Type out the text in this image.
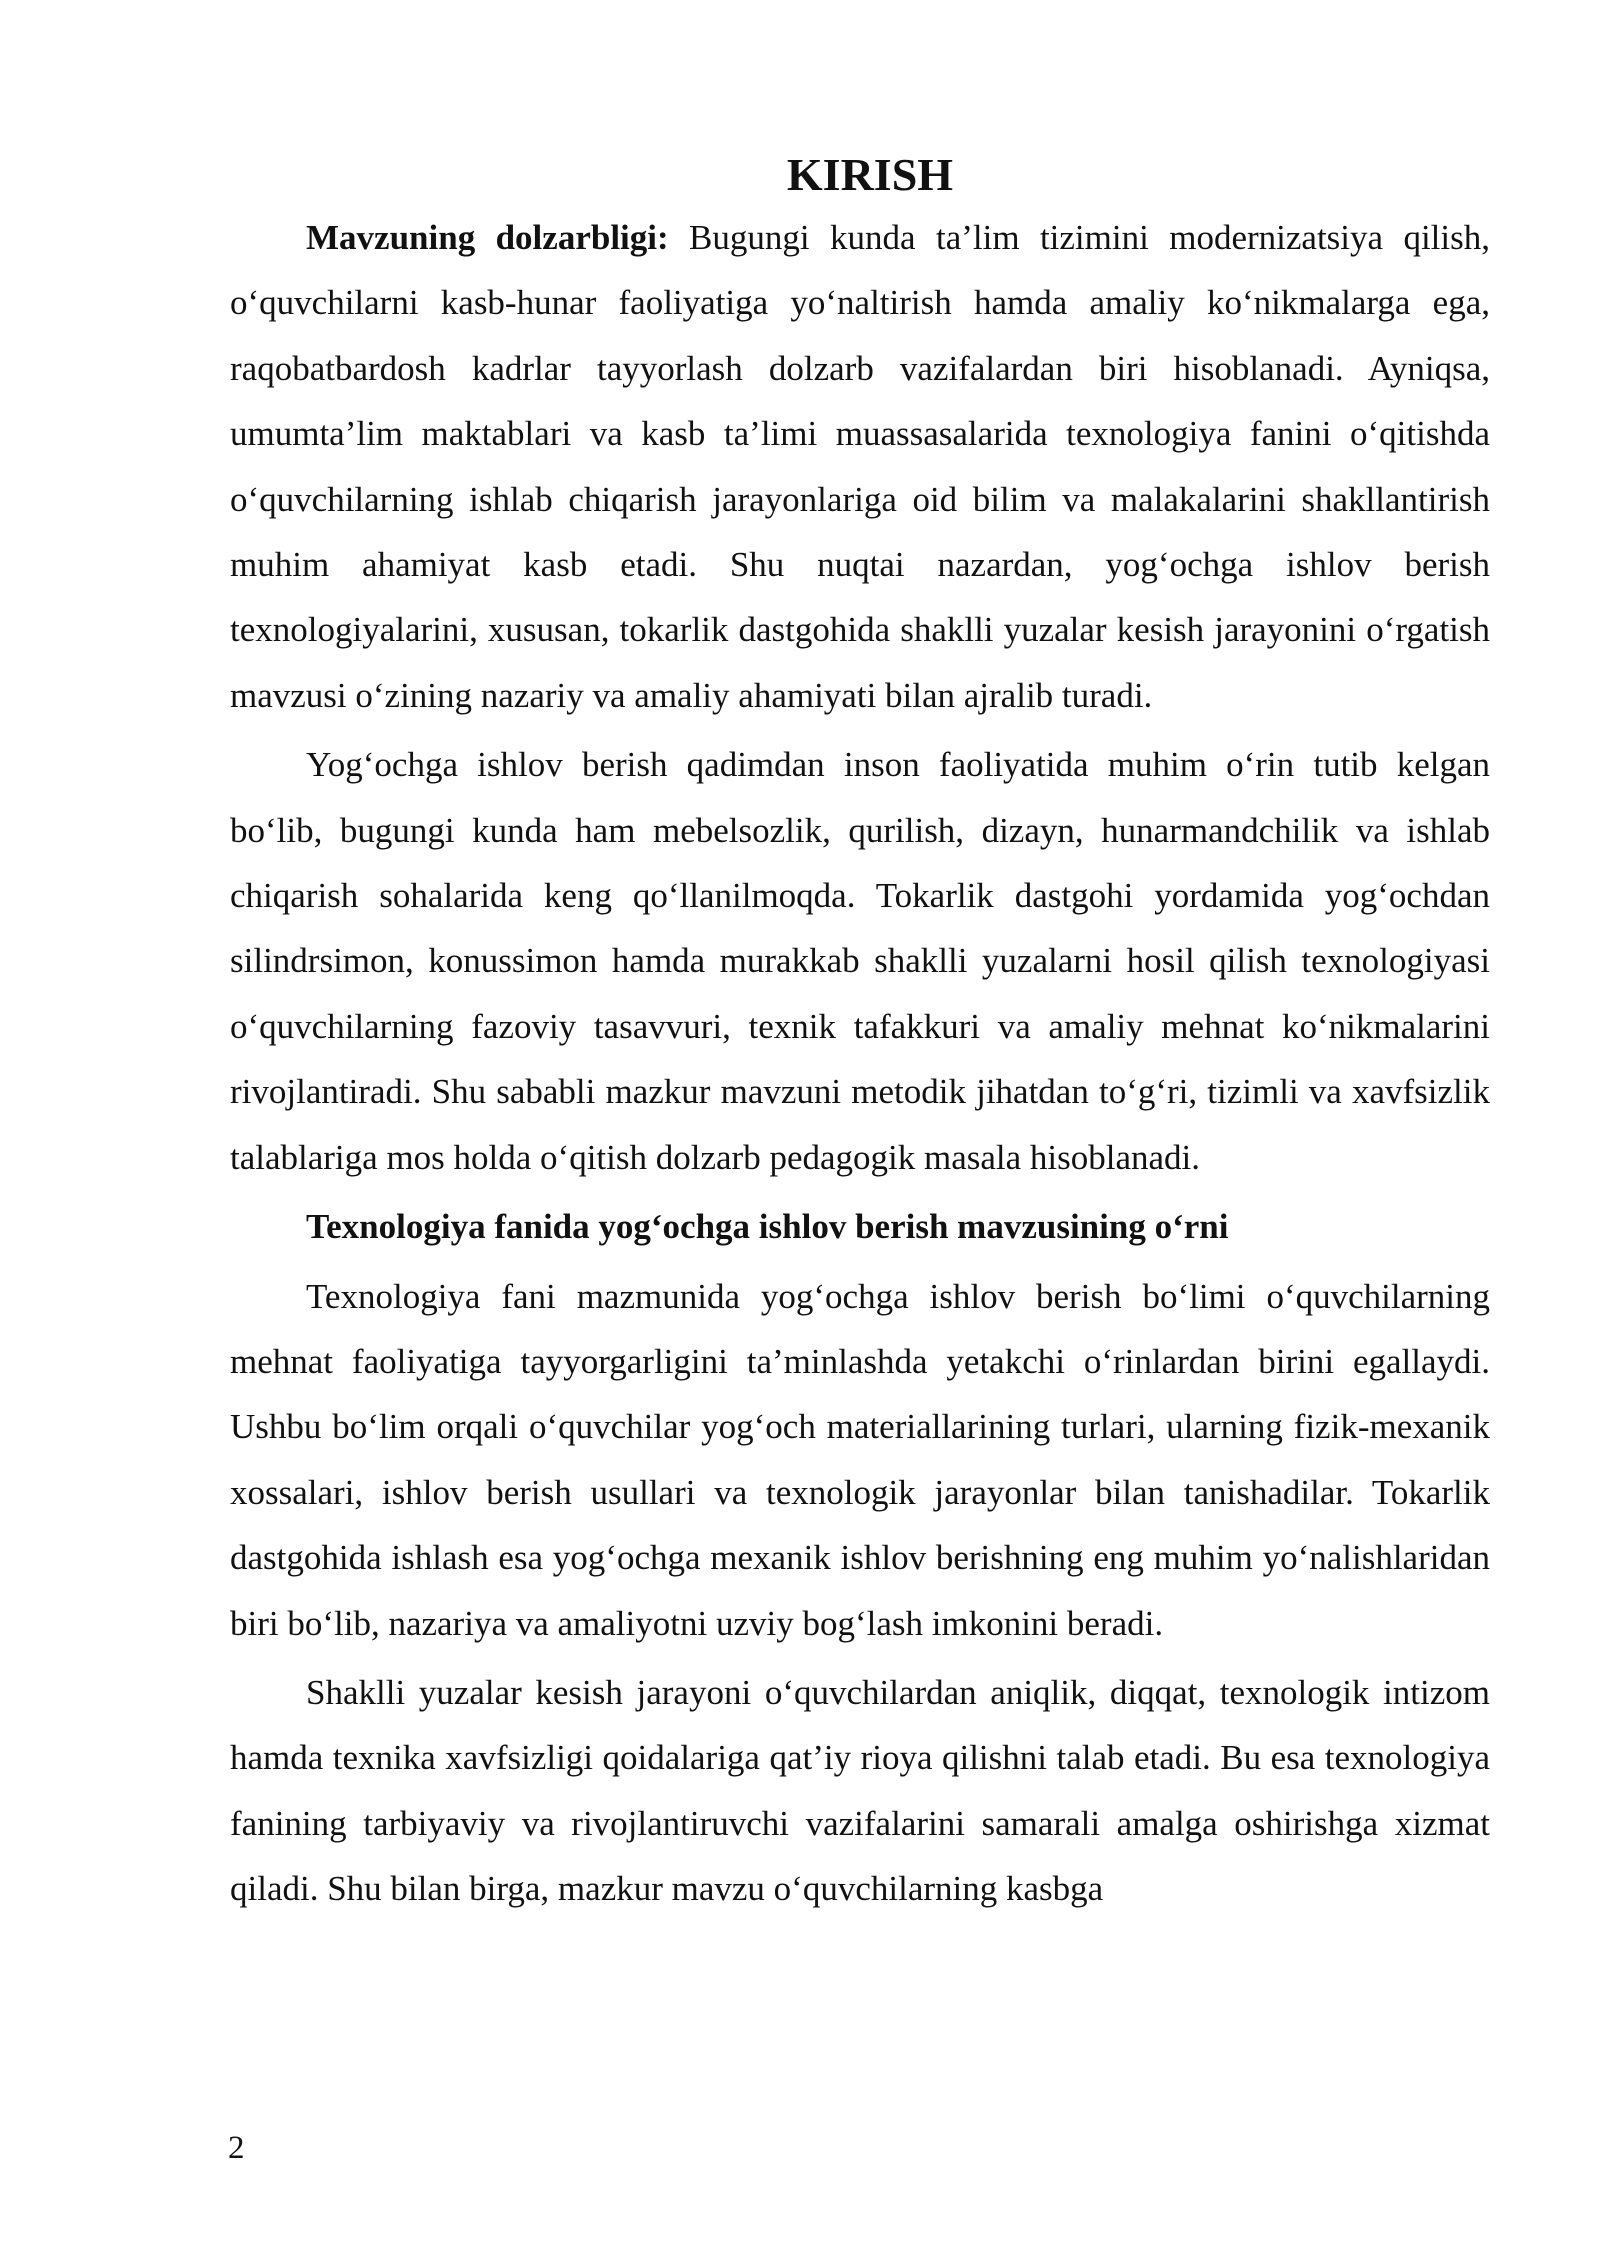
KIRISH

Mavzuning dolzarbligi: Bugungi kunda ta’lim tizimini modernizatsiya qilish, o‘quvchilarni kasb-hunar faoliyatiga yo‘naltirish hamda amaliy ko‘nikmalarga ega, raqobatbardosh kadrlar tayyorlash dolzarb vazifalardan biri hisoblanadi. Ayniqsa, umumta’lim maktablari va kasb ta’limi muassasalarida texnologiya fanini o‘qitishda o‘quvchilarning ishlab chiqarish jarayonlariga oid bilim va malakalarini shakllantirish muhim ahamiyat kasb etadi. Shu nuqtai nazardan, yog‘ochga ishlov berish texnologiyalarini, xususan, tokarlik dastgohida shaklli yuzalar kesish jarayonini o‘rgatish mavzusi o‘zining nazariy va amaliy ahamiyati bilan ajralib turadi.

Yog‘ochga ishlov berish qadimdan inson faoliyatida muhim o‘rin tutib kelgan bo‘lib, bugungi kunda ham mebelsozlik, qurilish, dizayn, hunarmandchilik va ishlab chiqarish sohalarida keng qo‘llanilmoqda. Tokarlik dastgohi yordamida yog‘ochdan silindrsimon, konussimon hamda murakkab shaklli yuzalarni hosil qilish texnologiyasi o‘quvchilarning fazoviy tasavvuri, texnik tafakkuri va amaliy mehnat ko‘nikmalarini rivojlantiradi. Shu sababli mazkur mavzuni metodik jihatdan to‘g‘ri, tizimli va xavfsizlik talablariga mos holda o‘qitish dolzarb pedagogik masala hisoblanadi.

Texnologiya fanida yog‘ochga ishlov berish mavzusining o‘rni

Texnologiya fani mazmunida yog‘ochga ishlov berish bo‘limi o‘quvchilarning mehnat faoliyatiga tayyorgarligini ta’minlashda yetakchi o‘rinlardan birini egallaydi. Ushbu bo‘lim orqali o‘quvchilar yog‘och materiallarining turlari, ularning fizik-mexanik xossalari, ishlov berish usullari va texnologik jarayonlar bilan tanishadilar. Tokarlik dastgohida ishlash esa yog‘ochga mexanik ishlov berishning eng muhim yo‘nalishlaridan biri bo‘lib, nazariya va amaliyotni uzviy bog‘lash imkonini beradi.

Shaklli yuzalar kesish jarayoni o‘quvchilardan aniqlik, diqqat, texnologik intizom hamda texnika xavfsizligi qoidalariga qat’iy rioya qilishni talab etadi. Bu esa texnologiya fanining tarbiyaviy va rivojlantiruvchi vazifalarini samarali amalga oshirishga xizmat qiladi. Shu bilan birga, mazkur mavzu o‘quvchilarning kasbga

2
